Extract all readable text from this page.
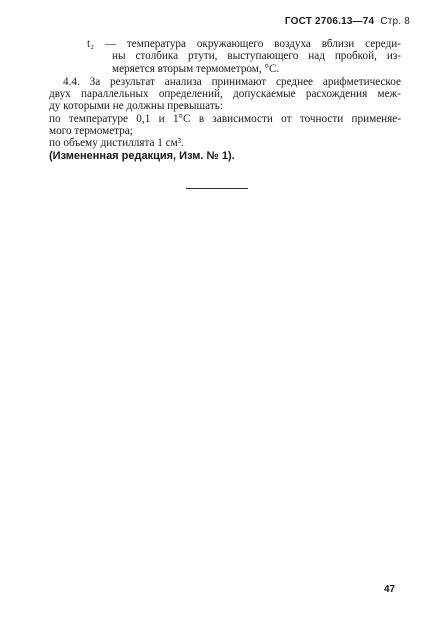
ГОСТ 2706.13—74 Стр. 8
t₂ — температура окружающего воздуха вблизи середи-
ны столбика ртути, выступающего над пробкой, из-
меряется вторым термометром, °С.
4.4. За результат анализа принимают среднее арифметическое
двух параллельных определений, допускаемые расхождения меж-
ду которыми не должны превышать:
по температуре 0,1 и 1°С в зависимости от точности применяе-
мого термометра;
по объему дистиллята 1 см³.
(Измененная редакция, Изм. № 1).
47
